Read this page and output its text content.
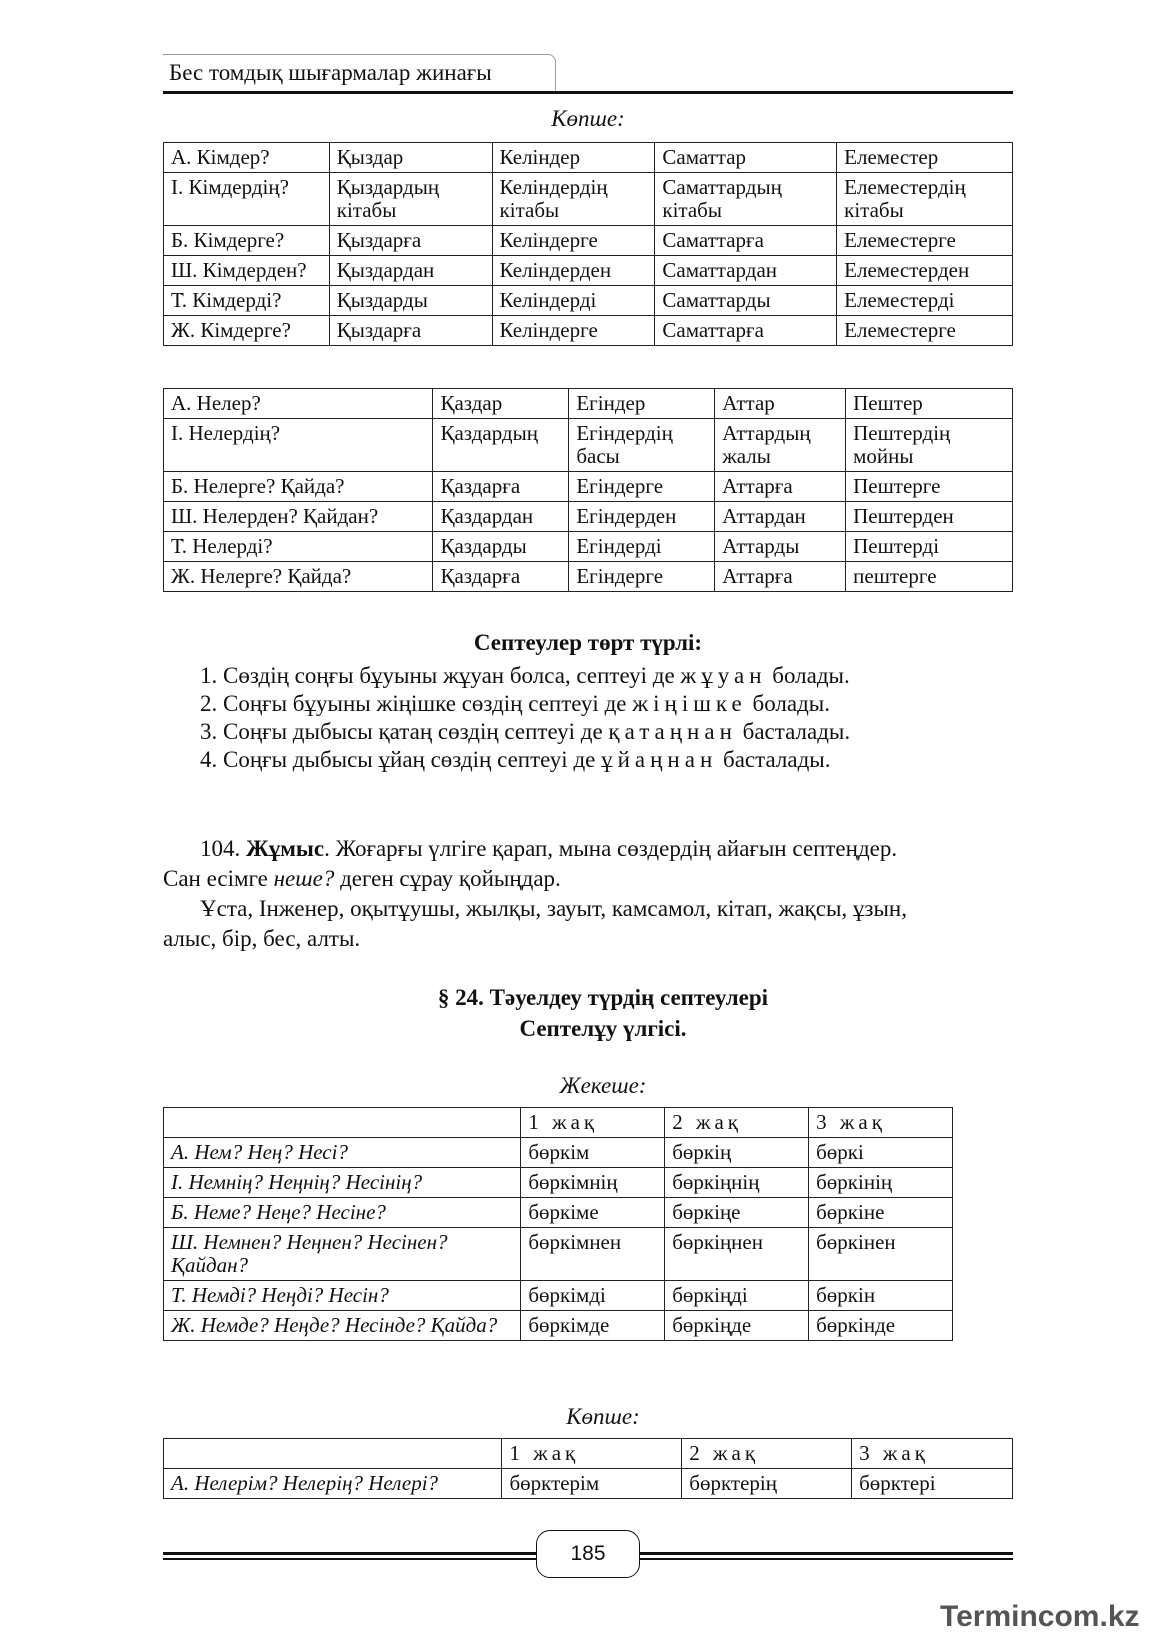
Бес томдық шығармалар жинағы
Көпше:
А. Кімдер?	Қыздар	Келіндер	Саматтар	Елеместер
І. Кімдердің?	Қыздардың кітабы	Келіндердің кітабы	Саматтардың кітабы	Елеместердің кітабы
Б. Кімдерге?	Қыздарға	Келіндерге	Саматтарға	Елеместерге
Ш. Кімдерден?	Қыздардан	Келіндерден	Саматтардан	Елеместерден
Т̇. Кімдерді?	Қыздарды	Келіндерді	Саматтарды	Елеместерді
Ж. Кімдерге?	Қыздарға	Келіндерге	Саматтарға	Елеместерге
А. Нелер?	Қаздар	Егіндер	Аттар	Пештер
І. Нелердің?	Қаздардың	Егіндердің басы	Аттардың жалы	Пештердің мойны
Б. Нелерге? Қайда?	Қаздарға	Егіндерге	Аттарға	Пештерге
Ш. Нелерден? Қайдан?	Қаздардан	Егіндерден	Аттардан	Пештерден
Т̇. Нелерді?	Қаздарды	Егіндерді	Аттарды	Пештерді
Ж. Нелерге? Қайда?	Қаздарға	Егіндерге	Аттарға	пештерге
Септеулер төрт түрлі:
1. Сөздің соңғы бұуыны жұуан болса, септеуі де жұуан болады.
2. Соңғы бұуыны жіңішке сөздің септеуі де жіңішке болады.
3. Соңғы дыбысы қатаң сөздің септеуі де қатаңнан басталады.
4. Соңғы дыбысы ұйаң сөздің септеуі де ұйаңнан басталады.
104. Жұмыс. Жоғарғы үлгіге қарап, мына сөздердің айағын септеңдер.
Сан есімге неше? деген сұрау қойыңдар.
Ұста, Інженер, оқытұушы, жылқы, зауыт, камсамол, кітап, жақсы, ұзын,
алыс, бір, бес, алты.
§ 24. Тәуелдеу түрдің септеулері
Септелұу үлгісі.
Жекеше:
	1 жақ	2 жақ	3 жақ
А. Нем? Нең? Несі?	бөркім	бөркің	бөркі
І. Немнің? Неңнің? Несінің?	бөркімнің	бөркіңнің	бөркінің
Б. Неме? Неңе? Несіне?	бөркіме	бөркіңе	бөркіне
Ш. Немнен? Неңнен? Несінен? Қайдан?	бөркімнен	бөркіңнен	бөркінен
Т. Немді? Неңді? Несін?	бөркімді	бөркіңді	бөркін
Ж. Немде? Неңде? Несінде? Қайда?	бөркімде	бөркіңде	бөркінде
Көпше:
	1 жақ	2 жақ	3 жақ
А. Нелерім? Нелерің? Нелері?	бөрктерім	бөрктерің	бөрктері
185
Termincom.kz
